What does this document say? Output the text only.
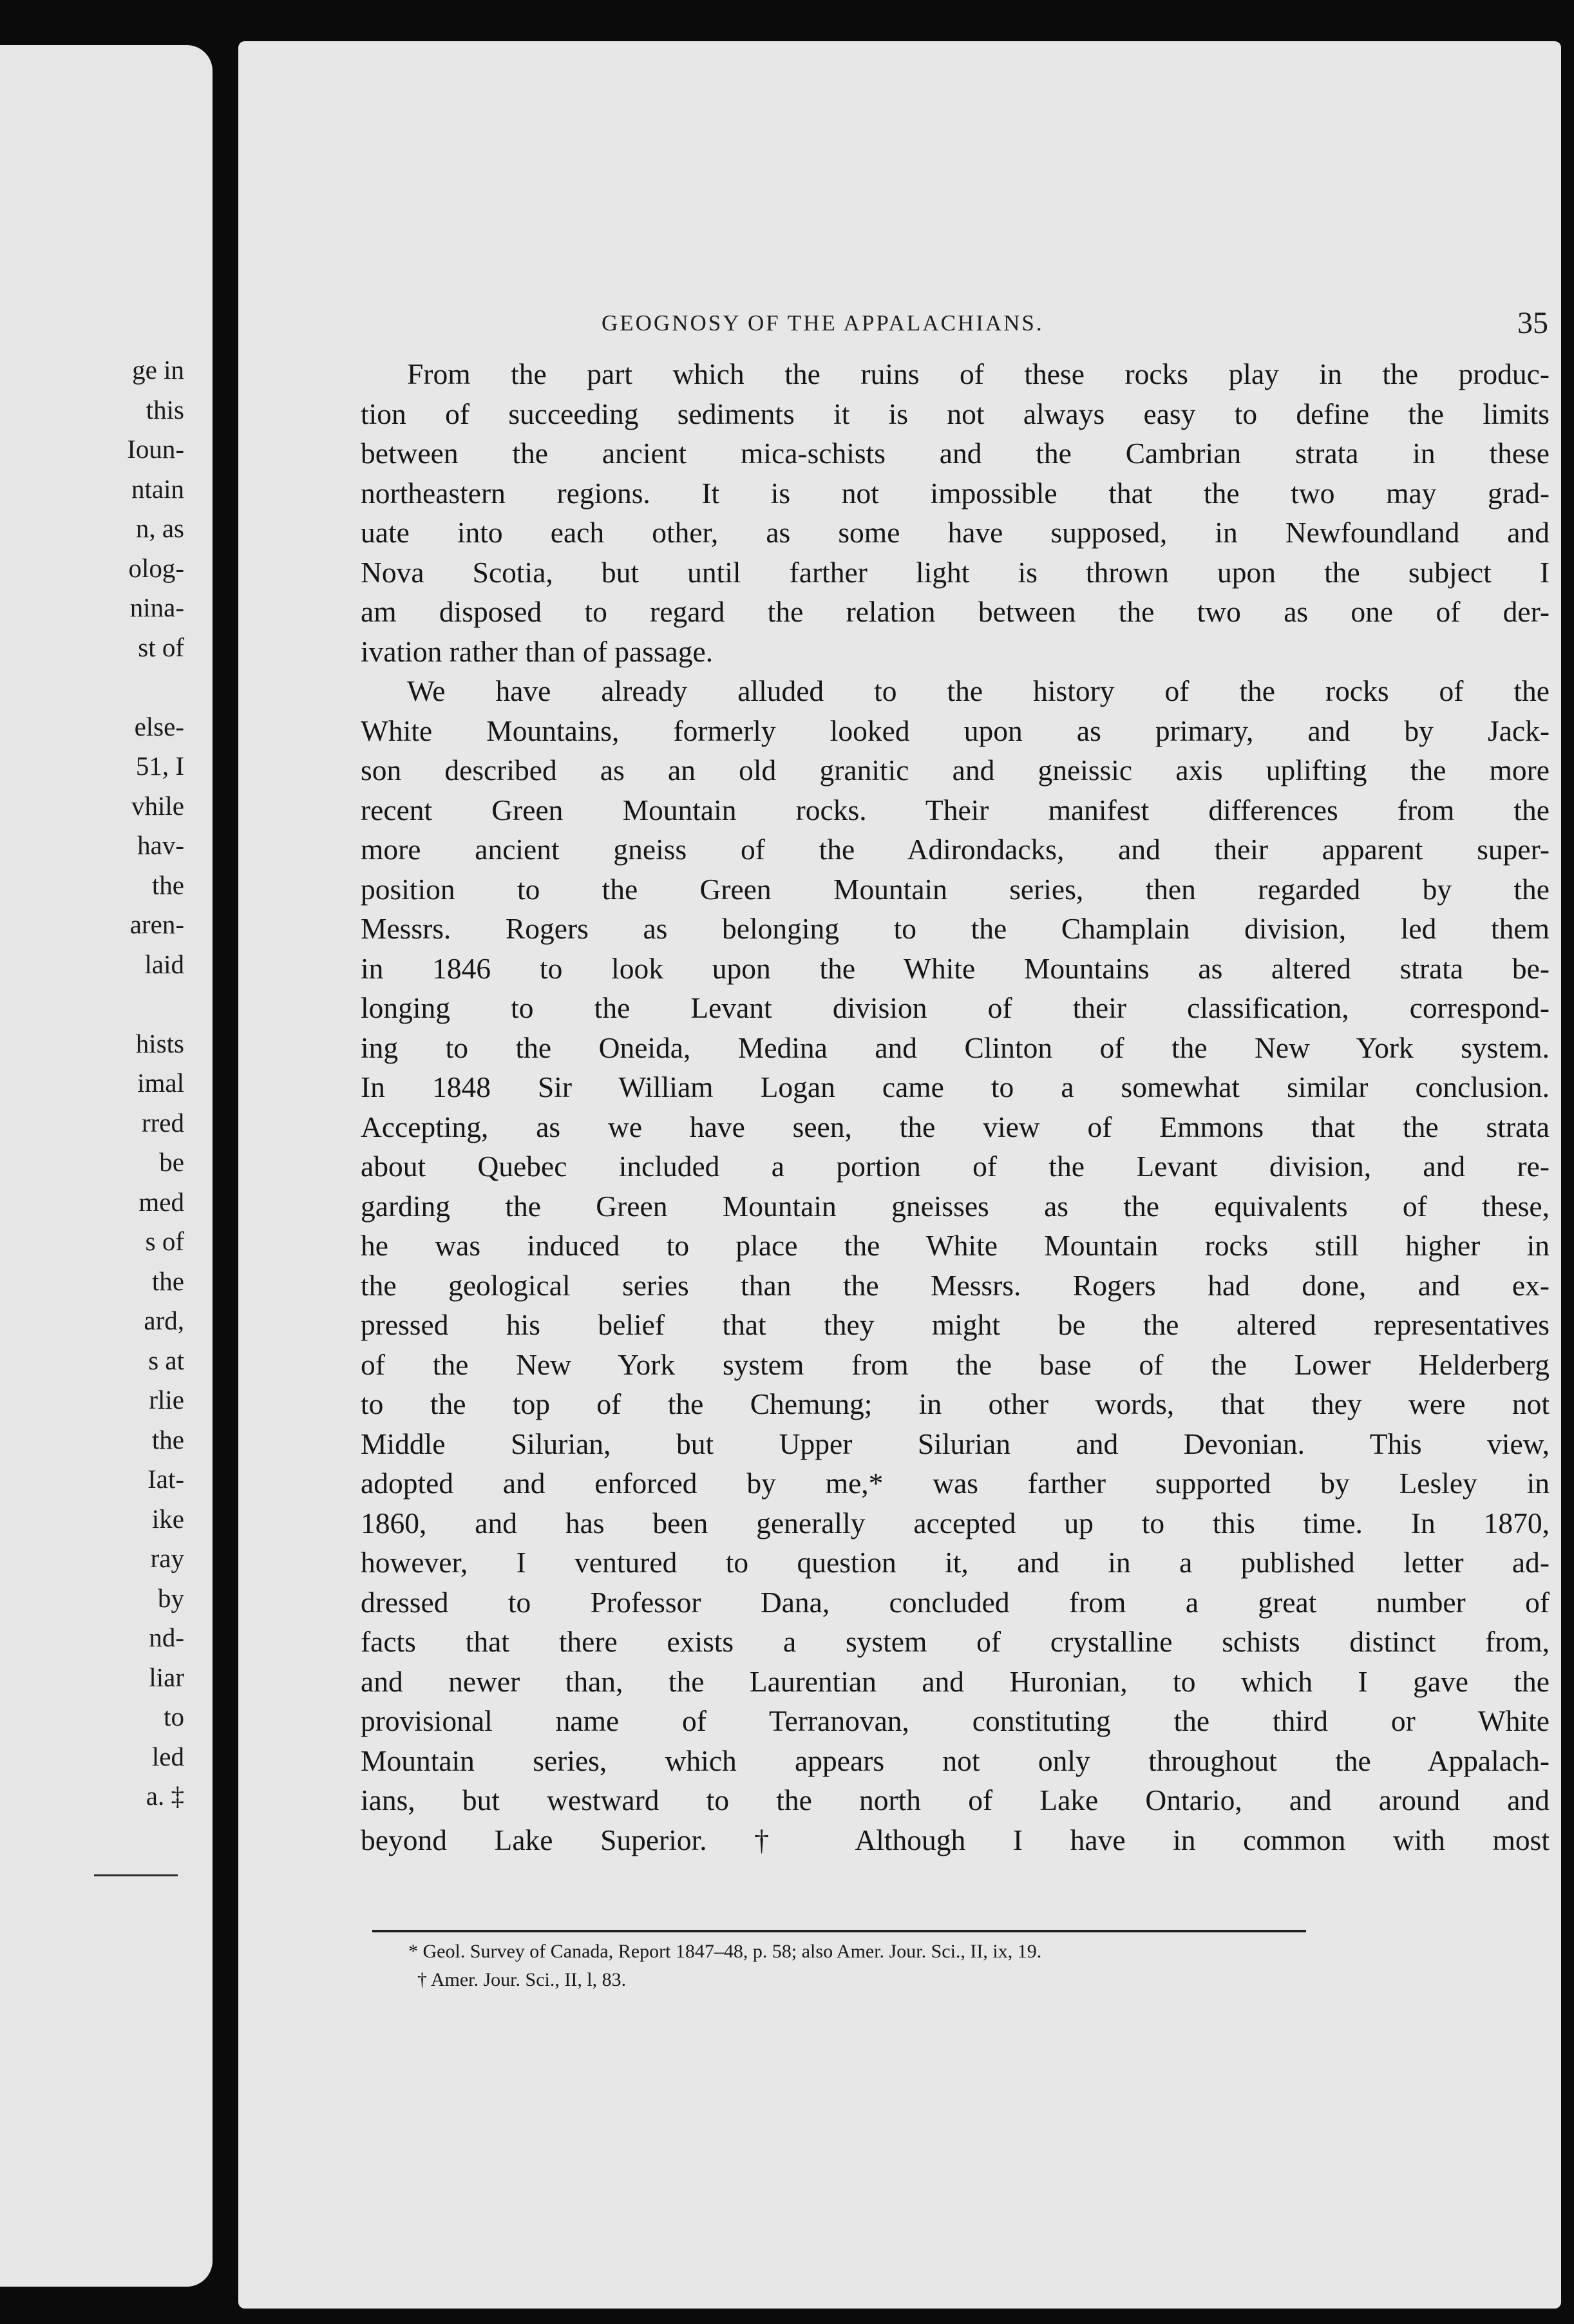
ge in
this
Ioun-
ntain
n, as
olog-
nina-
st of
else-
51, I
vhile
hav-
the
aren-
laid
hists
imal
rred
be
med
s of
the
ard,
s at
rlie
the
Iat-
ike
ray
by
nd-
liar
to
led
a. ‡
GEOGNOSY OF THE APPALACHIANS.	35
From the part which the ruins of these rocks play in the produc-
tion of succeeding sediments it is not always easy to define the limits
between the ancient mica-schists and the Cambrian strata in these
northeastern regions. It is not impossible that the two may grad-
uate into each other, as some have supposed, in Newfoundland and
Nova Scotia, but until farther light is thrown upon the subject I
am disposed to regard the relation between the two as one of der-
ivation rather than of passage.
We have already alluded to the history of the rocks of the
White Mountains, formerly looked upon as primary, and by Jack-
son described as an old granitic and gneissic axis uplifting the more
recent Green Mountain rocks. Their manifest differences from the
more ancient gneiss of the Adirondacks, and their apparent super-
position to the Green Mountain series, then regarded by the
Messrs. Rogers as belonging to the Champlain division, led them
in 1846 to look upon the White Mountains as altered strata be-
longing to the Levant division of their classification, correspond-
ing to the Oneida, Medina and Clinton of the New York system.
In 1848 Sir William Logan came to a somewhat similar conclusion.
Accepting, as we have seen, the view of Emmons that the strata
about Quebec included a portion of the Levant division, and re-
garding the Green Mountain gneisses as the equivalents of these,
he was induced to place the White Mountain rocks still higher in
the geological series than the Messrs. Rogers had done, and ex-
pressed his belief that they might be the altered representatives
of the New York system from the base of the Lower Helderberg
to the top of the Chemung; in other words, that they were not
Middle Silurian, but Upper Silurian and Devonian. This view,
adopted and enforced by me,* was farther supported by Lesley in
1860, and has been generally accepted up to this time. In 1870,
however, I ventured to question it, and in a published letter ad-
dressed to Professor Dana, concluded from a great number of
facts that there exists a system of crystalline schists distinct from,
and newer than, the Laurentian and Huronian, to which I gave the
provisional name of Terranovan, constituting the third or White
Mountain series, which appears not only throughout the Appalach-
ians, but westward to the north of Lake Ontario, and around and
beyond Lake Superior. † Although I have in common with most
* Geol. Survey of Canada, Report 1847–48, p. 58; also Amer. Jour. Sci., II, ix, 19.
† Amer. Jour. Sci., II, l, 83.
